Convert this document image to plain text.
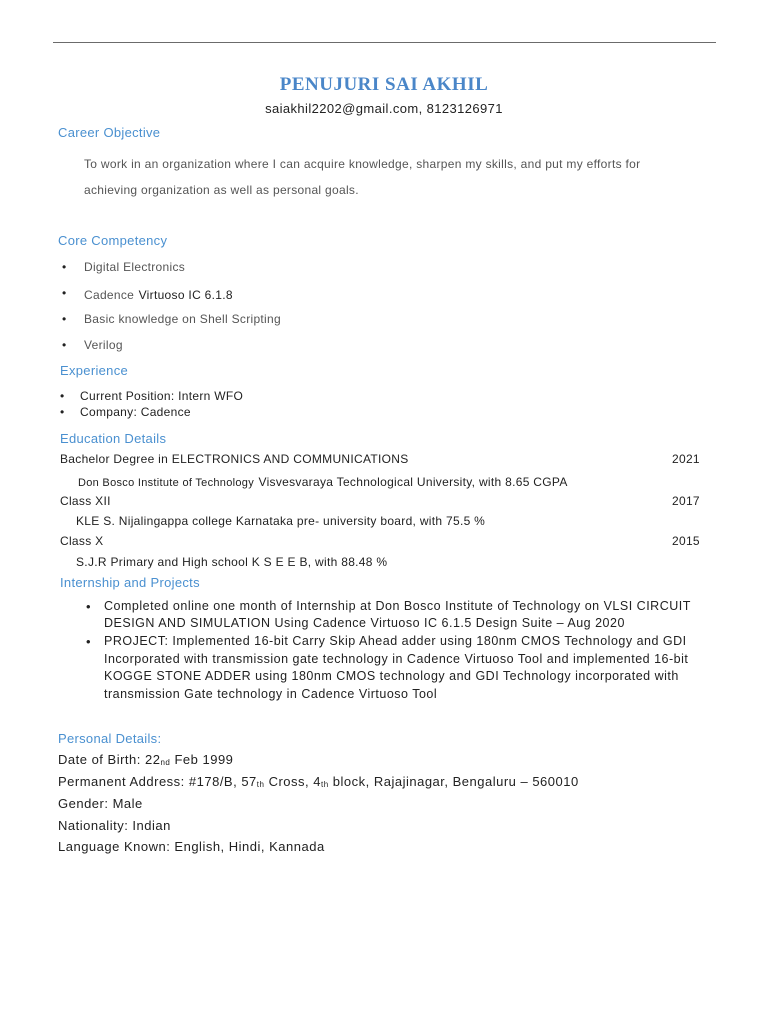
PENUJURI SAI AKHIL
saiakhil2202@gmail.com, 8123126971
Career Objective
To work in an organization where I can acquire knowledge, sharpen my skills, and put my efforts for
achieving organization as well as personal goals.
Core Competency
• Digital Electronics
• Cadence Virtuoso IC 6.1.8
• Basic knowledge on Shell Scripting
• Verilog
Experience
• Current Position: Intern WFO
• Company: Cadence
Education Details
Bachelor Degree in ELECTRONICS AND COMMUNICATIONS	2021
Don Bosco Institute of Technology Visvesvaraya Technological University, with 8.65 CGPA
Class XII	2017
KLE S. Nijalingappa college Karnataka pre- university board, with 75.5 %
Class X	2015
S.J.R Primary and High school K S E E B, with 88.48 %
Internship and Projects
• Completed online one month of Internship at Don Bosco Institute of Technology on VLSI CIRCUIT
DESIGN AND SIMULATION Using Cadence Virtuoso IC 6.1.5 Design Suite – Aug 2020
• PROJECT: Implemented 16-bit Carry Skip Ahead adder using 180nm CMOS Technology and GDI
Incorporated with transmission gate technology in Cadence Virtuoso Tool and implemented 16-bit
KOGGE STONE ADDER using 180nm CMOS technology and GDI Technology incorporated with
transmission Gate technology in Cadence Virtuoso Tool
Personal Details:
Date of Birth: $22_{nd}$ Feb 1999
Permanent Address: #178/B, $57_{th}$ Cross, $4_{th}$ block, Rajajinagar, Bengaluru – 560010
Gender: Male
Nationality: Indian
Language Known: English, Hindi, Kannada
